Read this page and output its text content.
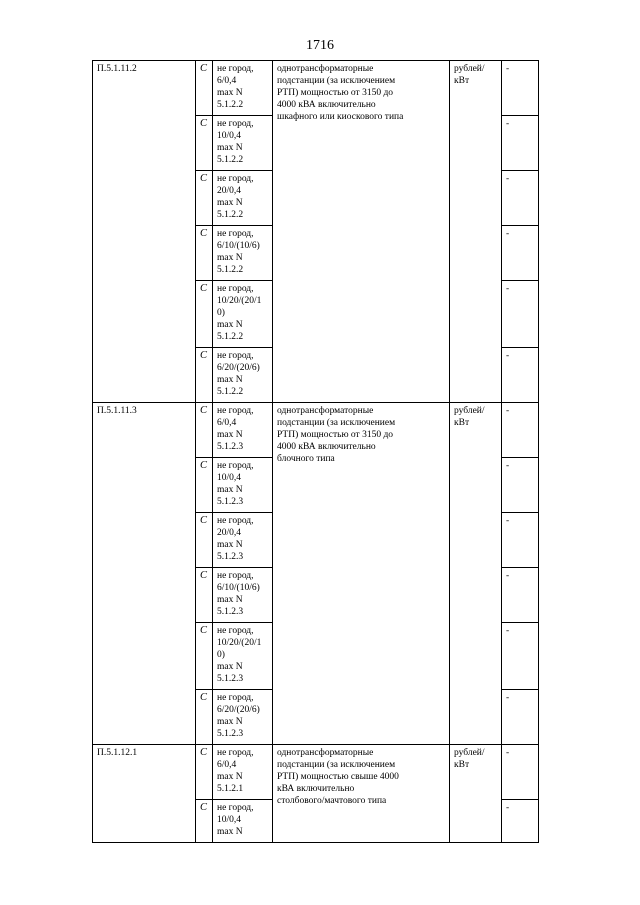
1716
П.5.1.11.2	C	не город,
6/0,4
max N
5.1.2.2	однотрансформаторные
подстанции (за исключением
РТП) мощностью от 3150 до
4000 кВА включительно
шкафного или киоскового типа	рублей/
кВт	-

	C	не город,
10/0,4
max N
5.1.2.2			-

	C	не город,
20/0,4
max N
5.1.2.2			-

	C	не город,
6/10/(10/6)
max N
5.1.2.2			-

	C	не город,
10/20/(20/1
0)
max N
5.1.2.2			-

	C	не город,
6/20/(20/6)
max N
5.1.2.2			-

П.5.1.11.3	C	не город,
6/0,4
max N
5.1.2.3	однотрансформаторные
подстанции (за исключением
РТП) мощностью от 3150 до
4000 кВА включительно
блочного типа	рублей/
кВт	-

	C	не город,
10/0,4
max N
5.1.2.3			-

	C	не город,
20/0,4
max N
5.1.2.3			-

	C	не город,
6/10/(10/6)
max N
5.1.2.3			-

	C	не город,
10/20/(20/1
0)
max N
5.1.2.3			-

	C	не город,
6/20/(20/6)
max N
5.1.2.3			-

П.5.1.12.1	C	не город,
6/0,4
max N
5.1.2.1	однотрансформаторные
подстанции (за исключением
РТП) мощностью свыше 4000
кВА включительно
столбового/мачтового типа	рублей/
кВт	-

	C	не город,
10/0,4
max N			-
